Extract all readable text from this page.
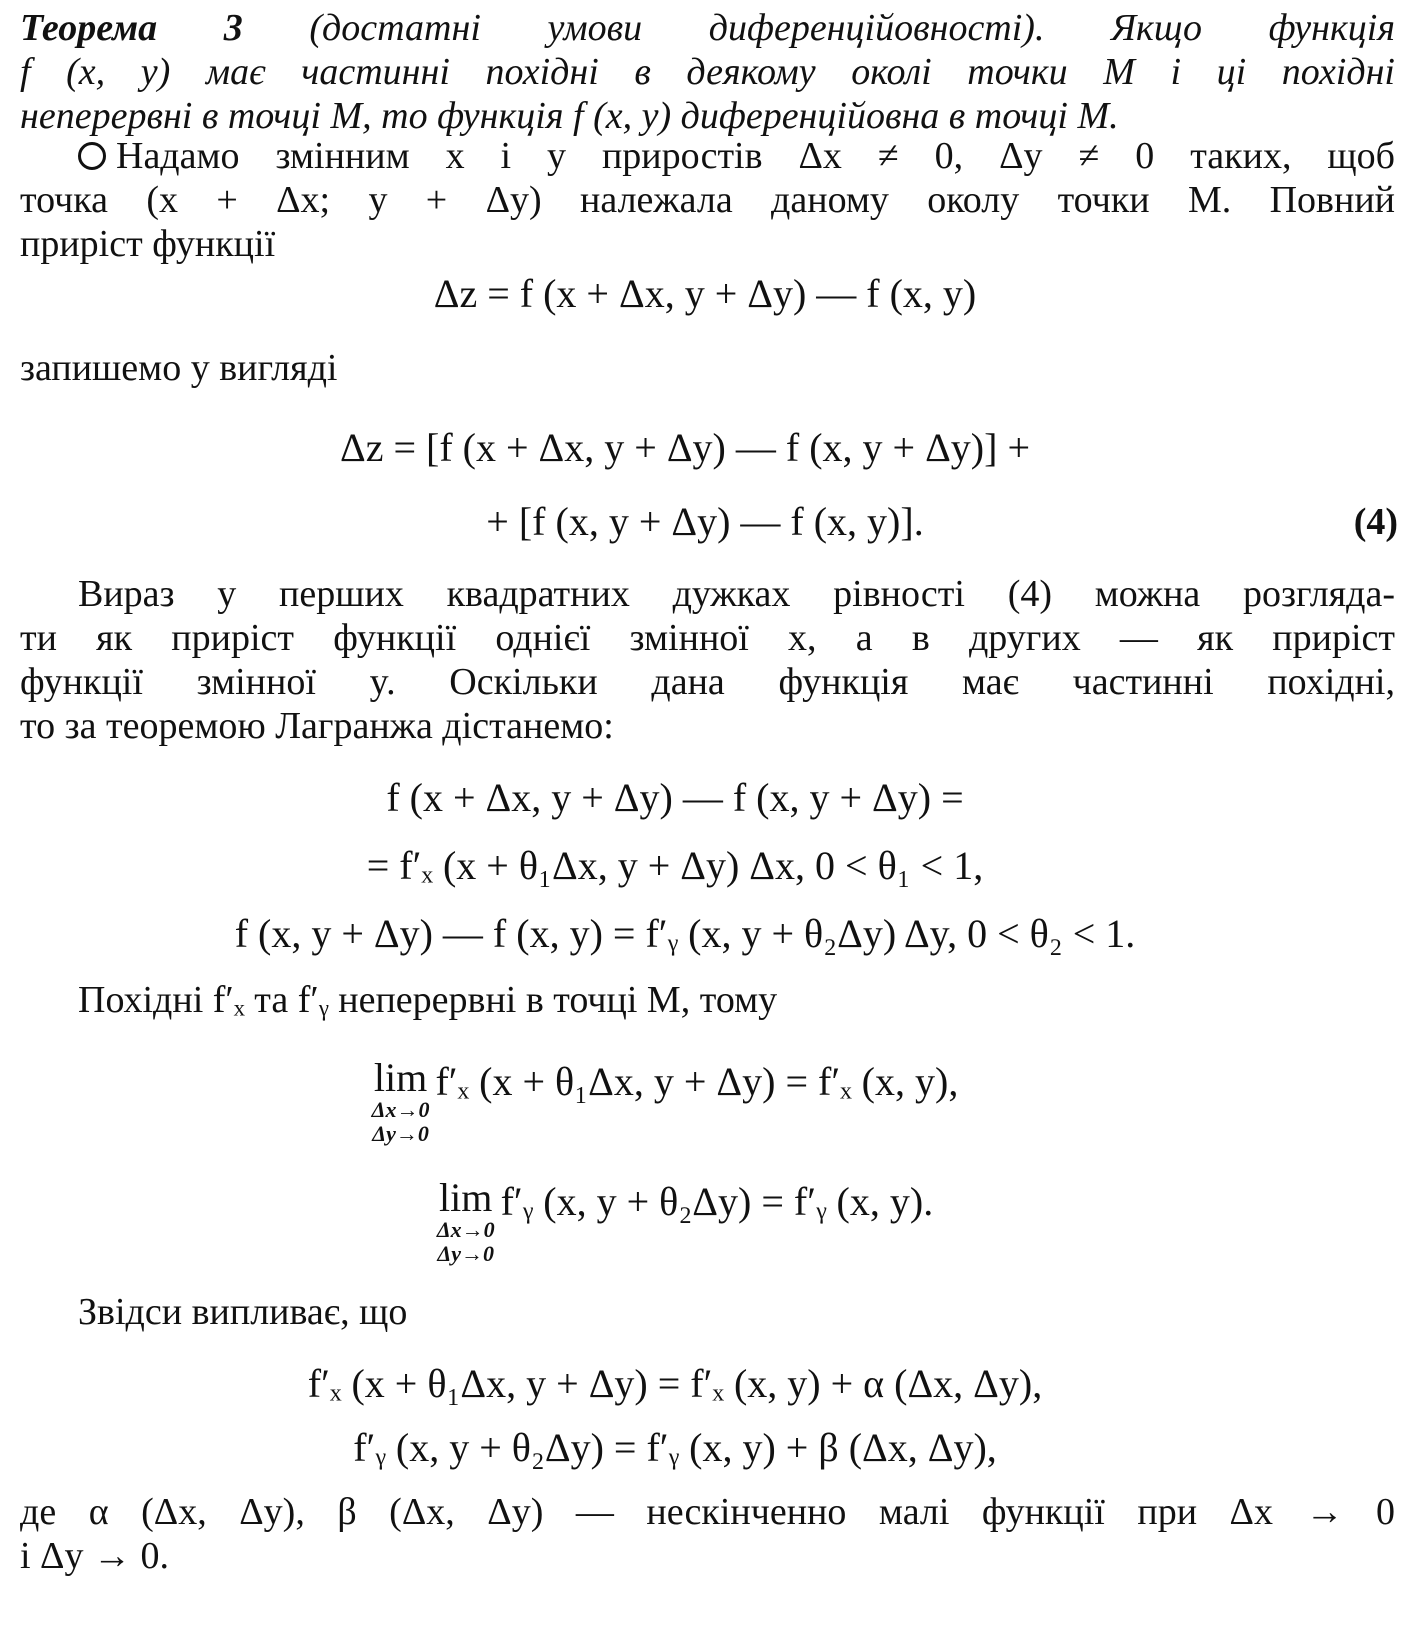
Теорема 3 (достатні умови диференційовності). Якщо функція
f (x, y) має частинні похідні в деякому околі точки M і ці похідні
неперервні в точці M, то функція f (x, y) диференційовна в точці M.

Надамо змінним x і y приростів Δx ≠ 0, Δy ≠ 0 таких, щоб
точка (x + Δx; y + Δy) належала даному околу точки M. Повний
приріст функції

Δz = f (x + Δx, y + Δy) — f (x, y)

запишемо у вигляді

Δz = [f (x + Δx, y + Δy) — f (x, y + Δy)] +

+ [f (x, y + Δy) — f (x, y)].	(4)

Вираз у перших квадратних дужках рівності (4) можна розгляда-
ти як приріст функції однієї змінної x, а в других — як приріст
функції змінної y. Оскільки дана функція має частинні похідні,
то за теоремою Лагранжа дістанемо:

f (x + Δx, y + Δy) — f (x, y + Δy) =

= f′ₓ (x + θ₁Δx, y + Δy) Δx, 0 < θ₁ < 1,

f (x, y + Δy) — f (x, y) = f′ᵧ (x, y + θ₂Δy) Δy, 0 < θ₂ < 1.

Похідні f′ₓ та f′ᵧ неперервні в точці M, тому

lim
Δx→0
Δy→0
f′ₓ (x + θ₁Δx, y + Δy) = f′ₓ (x, y),
lim
Δx→0
Δy→0
f′ᵧ (x, y + θ₂Δy) = f′ᵧ (x, y).

Звідси випливає, що

f′ₓ (x + θ₁Δx, y + Δy) = f′ₓ (x, y) + α (Δx, Δy),

f′ᵧ (x, y + θ₂Δy) = f′ᵧ (x, y) + β (Δx, Δy),

де α (Δx, Δy), β (Δx, Δy) — нескінченно малі функції при Δx → 0
і Δy → 0.
